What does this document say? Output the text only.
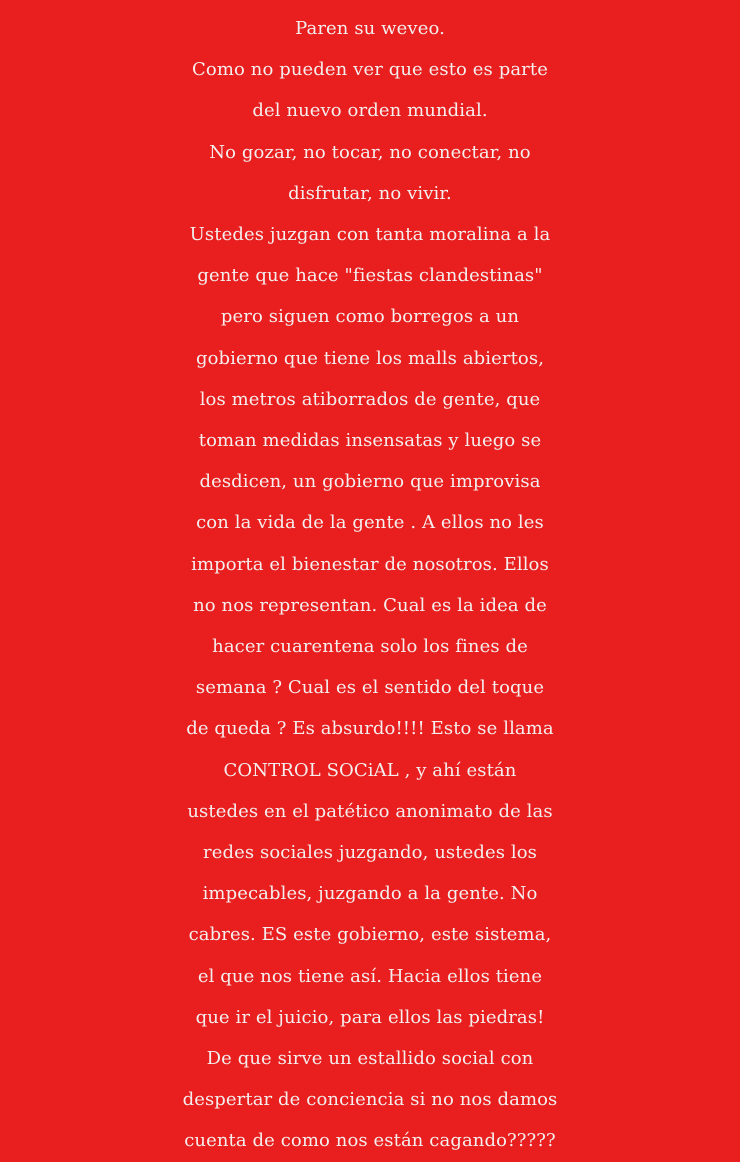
Paren su weveo.
Como no pueden ver que esto es parte
del nuevo orden mundial.
No gozar, no tocar, no conectar, no
disfrutar, no vivir.
Ustedes juzgan con tanta moralina a la
gente que hace "fiestas clandestinas"
pero siguen como borregos a un
gobierno que tiene los malls abiertos,
los metros atiborrados de gente, que
toman medidas insensatas y luego se
desdicen, un gobierno que improvisa
con la vida de la gente . A ellos no les
importa el bienestar de nosotros. Ellos
no nos representan. Cual es la idea de
hacer cuarentena solo los fines de
semana ? Cual es el sentido del toque
de queda ? Es absurdo!!!! Esto se llama
CONTROL SOCiAL , y ahí están
ustedes en el patético anonimato de las
redes sociales juzgando, ustedes los
impecables, juzgando a la gente. No
cabres. ES este gobierno, este sistema,
el que nos tiene así. Hacia ellos tiene
que ir el juicio, para ellos las piedras!
De que sirve un estallido social con
despertar de conciencia si no nos damos
cuenta de como nos están cagando?????
